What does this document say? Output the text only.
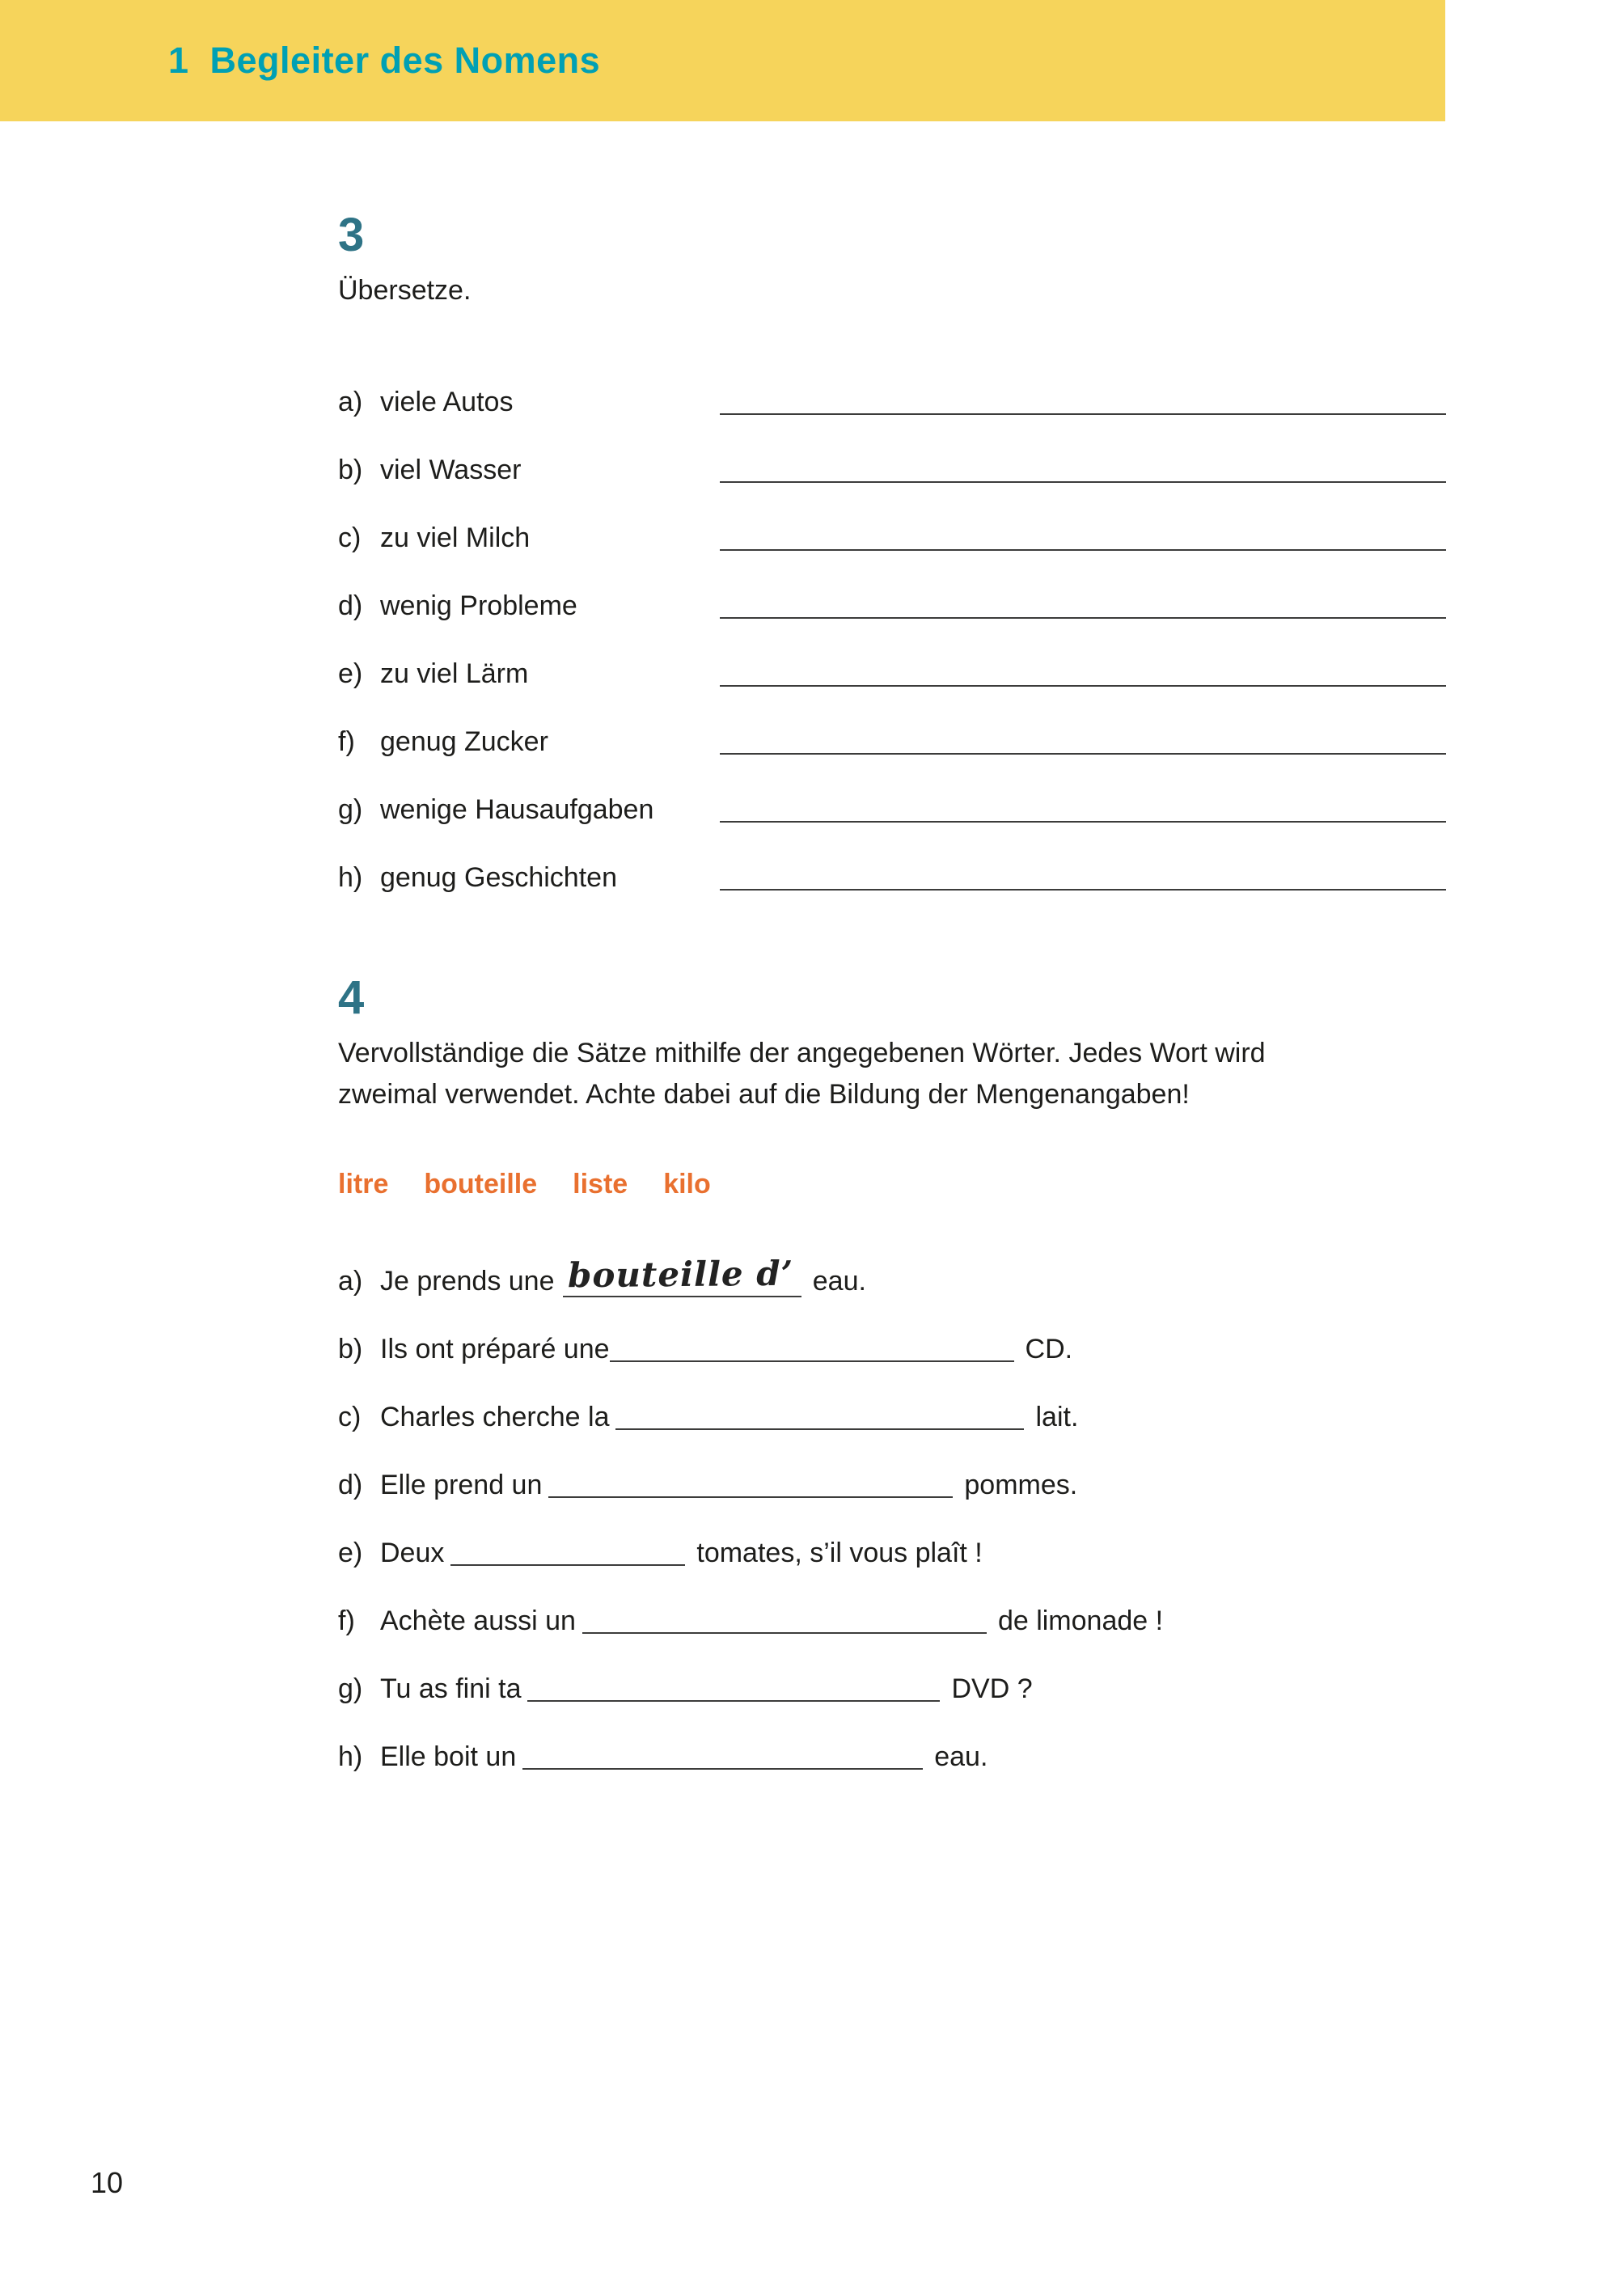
1 Begleiter des Nomens
3
Übersetze.
a) viele Autos
b) viel Wasser
c) zu viel Milch
d) wenig Probleme
e) zu viel Lärm
f) genug Zucker
g) wenige Hausaufgaben
h) genug Geschichten
4
Vervollständige die Sätze mithilfe der angegebenen Wörter. Jedes Wort wird
zweimal verwendet. Achte dabei auf die Bildung der Mengenangaben!
litre bouteille liste kilo
a) Je prends une bouteille d’ eau.
b) Ils ont préparé une	CD.
c) Charles cherche la	lait.
d) Elle prend un	pommes.
e) Deux	tomates, s’il vous plaît !
f) Achète aussi un	de limonade !
g) Tu as fini ta	DVD ?
h) Elle boit un	eau.
10
